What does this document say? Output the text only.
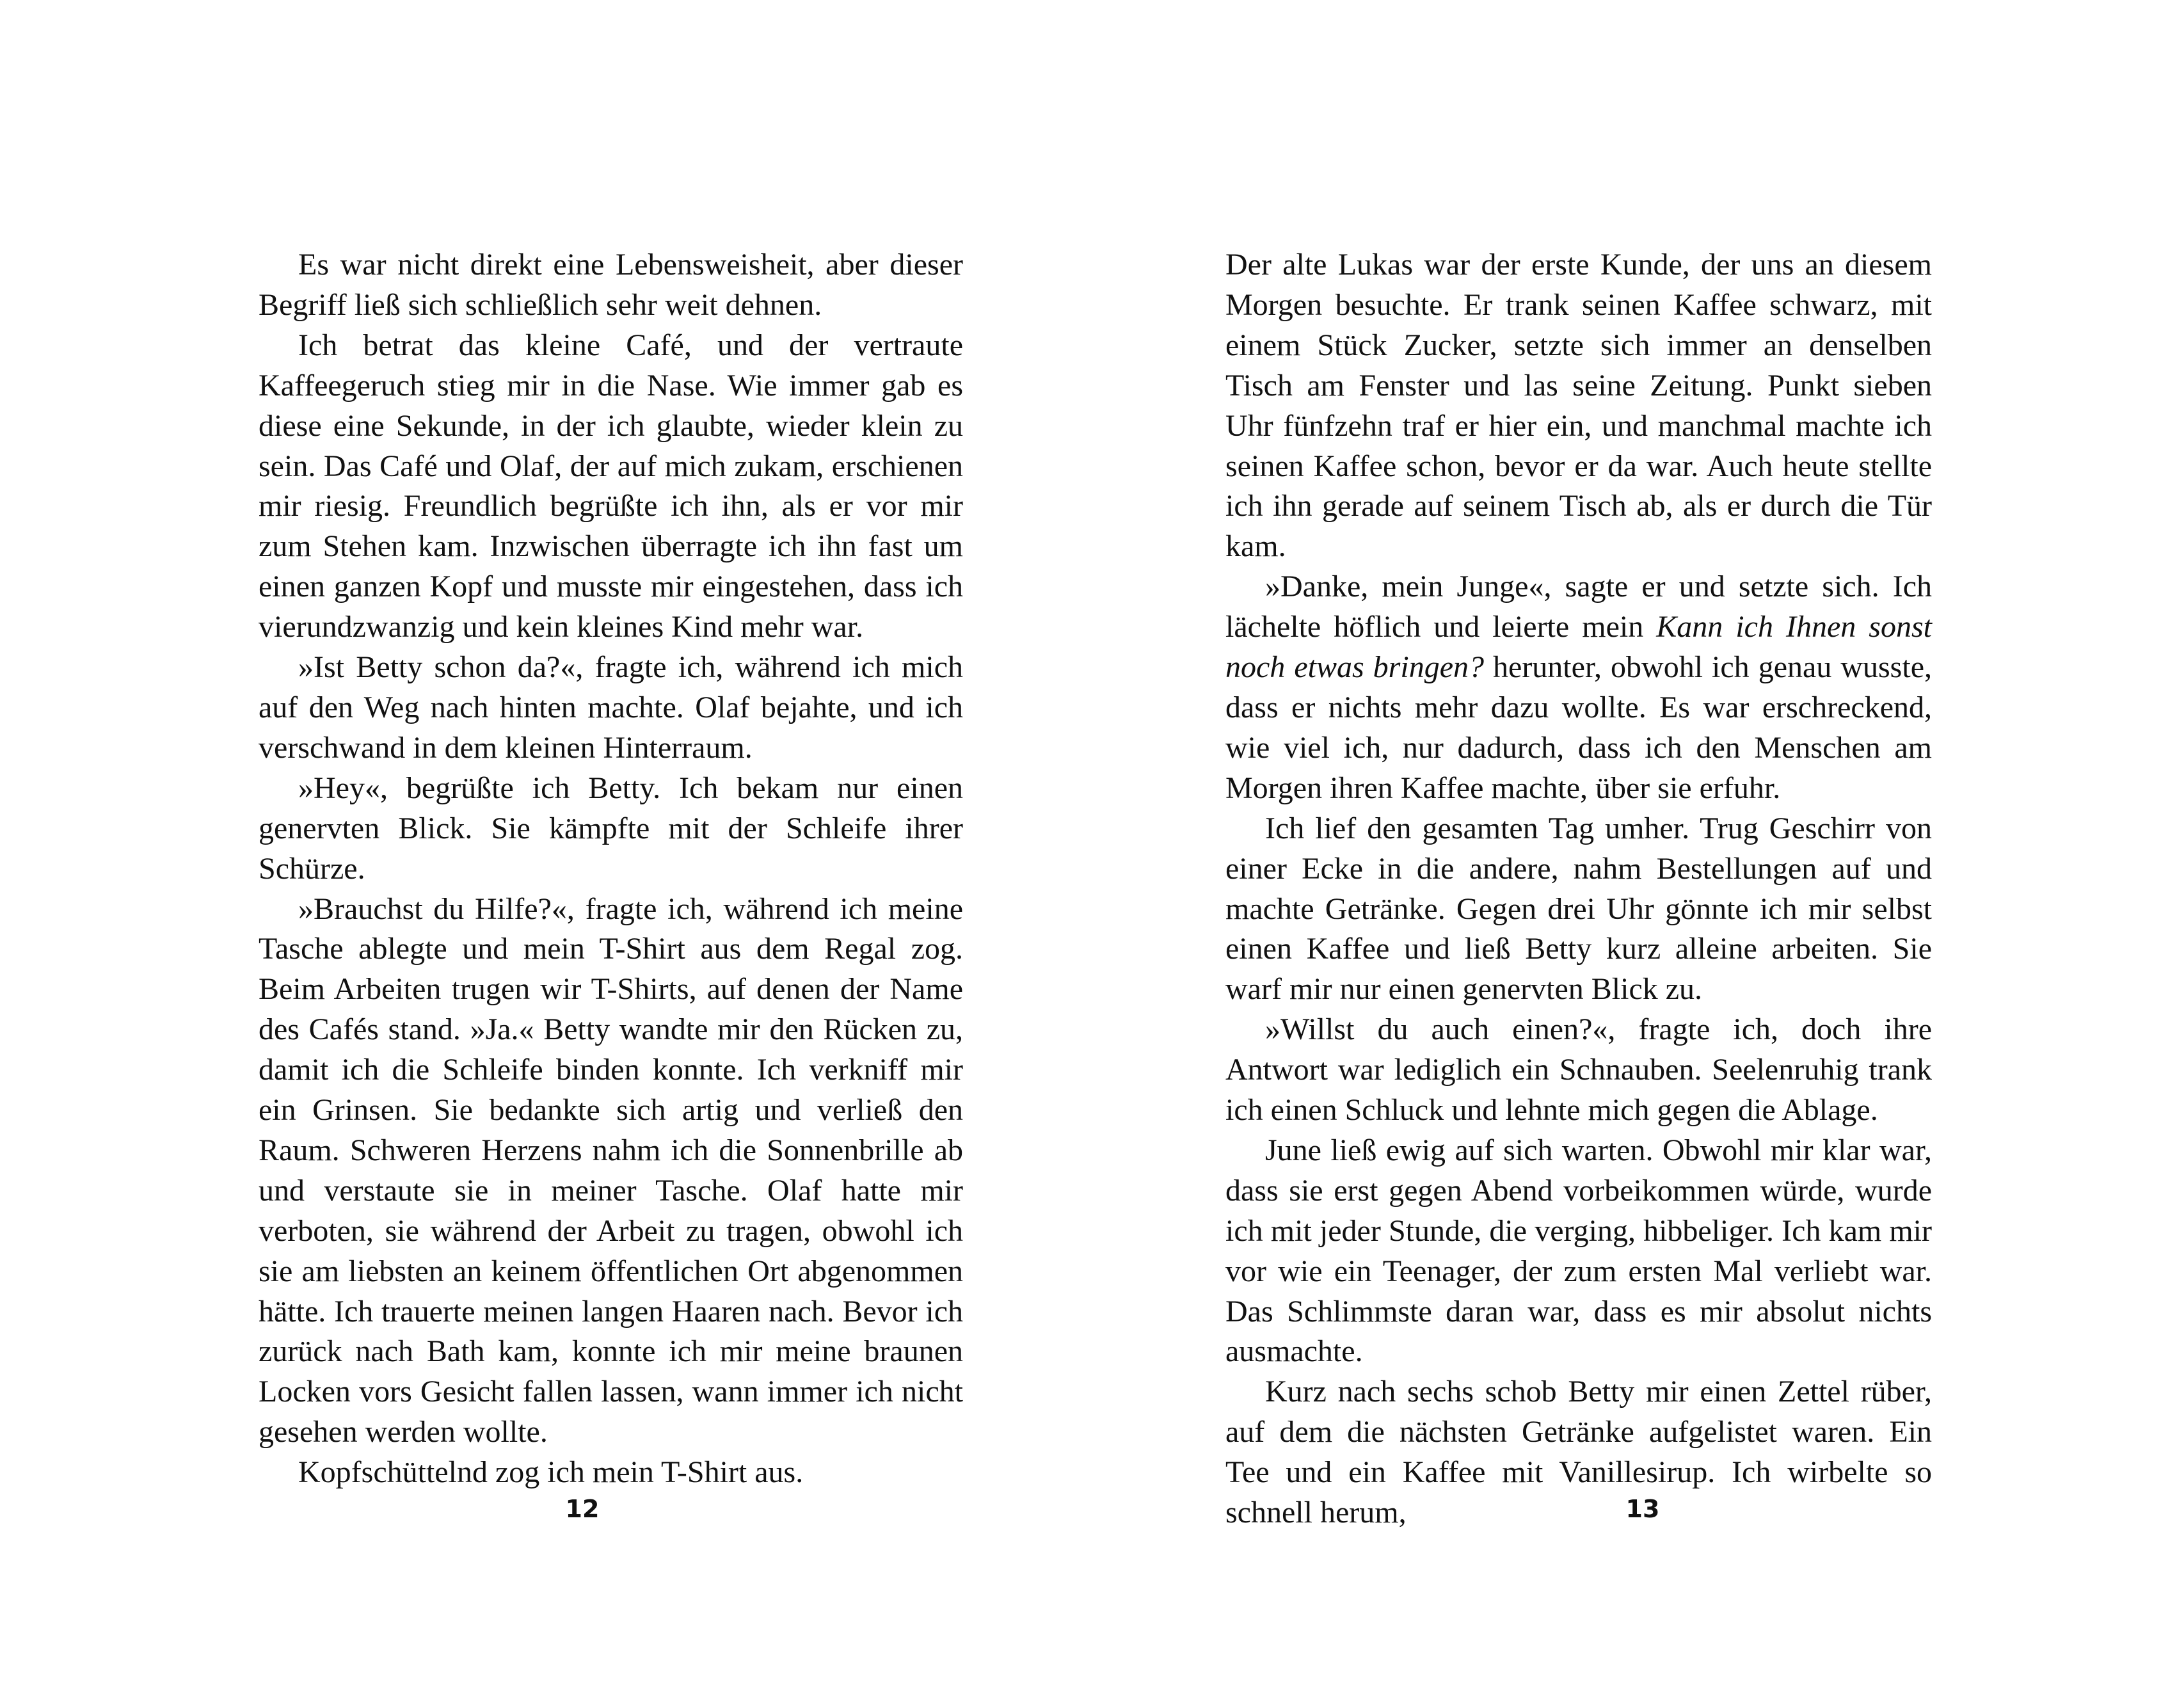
Es war nicht direkt eine Lebensweisheit, aber dieser Begriff ließ sich schließlich sehr weit dehnen.

Ich betrat das kleine Café, und der vertraute Kaffeegeruch stieg mir in die Nase. Wie immer gab es diese eine Sekunde, in der ich glaubte, wieder klein zu sein. Das Café und Olaf, der auf mich zukam, erschienen mir riesig. Freundlich begrüßte ich ihn, als er vor mir zum Stehen kam. Inzwischen überragte ich ihn fast um einen ganzen Kopf und musste mir eingestehen, dass ich vierundzwanzig und kein kleines Kind mehr war.

»Ist Betty schon da?«, fragte ich, während ich mich auf den Weg nach hinten machte. Olaf bejahte, und ich verschwand in dem kleinen Hinterraum.

»Hey«, begrüßte ich Betty. Ich bekam nur einen genervten Blick. Sie kämpfte mit der Schleife ihrer Schürze.

»Brauchst du Hilfe?«, fragte ich, während ich meine Tasche ablegte und mein T-Shirt aus dem Regal zog. Beim Arbeiten trugen wir T-Shirts, auf denen der Name des Cafés stand. »Ja.« Betty wandte mir den Rücken zu, damit ich die Schleife binden konnte. Ich verkniff mir ein Grinsen. Sie bedankte sich artig und verließ den Raum. Schweren Herzens nahm ich die Sonnenbrille ab und verstaute sie in meiner Tasche. Olaf hatte mir verboten, sie während der Arbeit zu tragen, obwohl ich sie am liebsten an keinem öffentlichen Ort abgenommen hätte. Ich trauerte meinen langen Haaren nach. Bevor ich zurück nach Bath kam, konnte ich mir meine braunen Locken vors Gesicht fallen lassen, wann immer ich nicht gesehen werden wollte.

Kopfschüttelnd zog ich mein T-Shirt aus.

12

Der alte Lukas war der erste Kunde, der uns an diesem Morgen besuchte. Er trank seinen Kaffee schwarz, mit einem Stück Zucker, setzte sich immer an denselben Tisch am Fenster und las seine Zeitung. Punkt sieben Uhr fünfzehn traf er hier ein, und manchmal machte ich seinen Kaffee schon, bevor er da war. Auch heute stellte ich ihn gerade auf seinem Tisch ab, als er durch die Tür kam.

»Danke, mein Junge«, sagte er und setzte sich. Ich lächelte höflich und leierte mein Kann ich Ihnen sonst noch etwas bringen? herunter, obwohl ich genau wusste, dass er nichts mehr dazu wollte. Es war erschreckend, wie viel ich, nur dadurch, dass ich den Menschen am Morgen ihren Kaffee machte, über sie erfuhr.

Ich lief den gesamten Tag umher. Trug Geschirr von einer Ecke in die andere, nahm Bestellungen auf und machte Getränke. Gegen drei Uhr gönnte ich mir selbst einen Kaffee und ließ Betty kurz alleine arbeiten. Sie warf mir nur einen genervten Blick zu.

»Willst du auch einen?«, fragte ich, doch ihre Antwort war lediglich ein Schnauben. Seelenruhig trank ich einen Schluck und lehnte mich gegen die Ablage.

June ließ ewig auf sich warten. Obwohl mir klar war, dass sie erst gegen Abend vorbeikommen würde, wurde ich mit jeder Stunde, die verging, hibbeliger. Ich kam mir vor wie ein Teenager, der zum ersten Mal verliebt war. Das Schlimmste daran war, dass es mir absolut nichts ausmachte.

Kurz nach sechs schob Betty mir einen Zettel rüber, auf dem die nächsten Getränke aufgelistet waren. Ein Tee und ein Kaffee mit Vanillesirup. Ich wirbelte so schnell herum,	13
